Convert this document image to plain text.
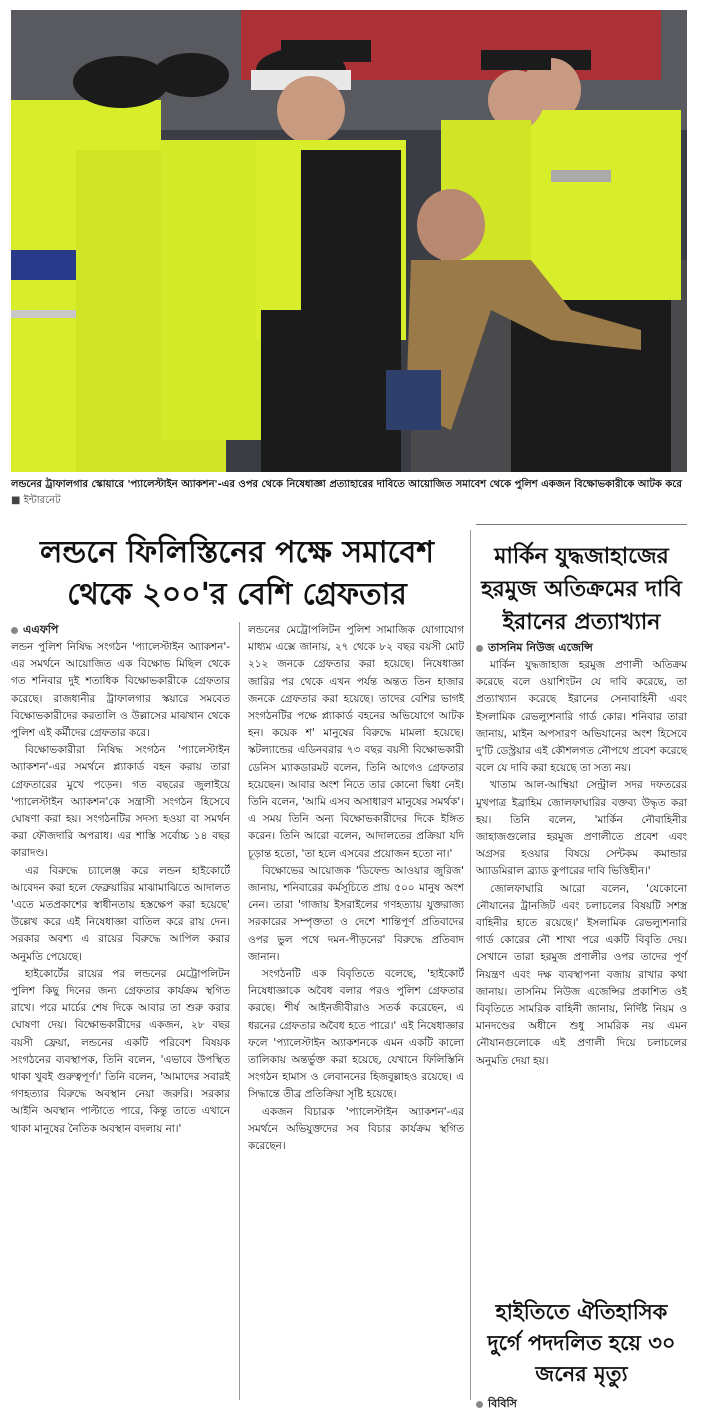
লন্ডনের ট্রাফালগার স্কোয়ারে 'প্যালেস্টাইন অ্যাকশন'-এর ওপর থেকে নিষেধাজ্ঞা প্রত্যাহারের দাবিতে আয়োজিত সমাবেশ থেকে পুলিশ একজন বিক্ষোভকারীকে আটক করে ■ ইন্টারনেট
লন্ডনে ফিলিস্তিনের পক্ষে সমাবেশ থেকে ২০০'র বেশি গ্রেফতার
এএফপি

লন্ডন পুলিশ নিষিদ্ধ সংগঠন 'প্যালেস্টাইন অ্যাকশন'-এর সমর্থনে আয়োজিত এক বিক্ষোভ মিছিল থেকে গত শনিবার দুই শতাধিক বিক্ষোভকারীকে গ্রেফতার করেছে। রাজধানীর ট্রাফালগার স্কয়ারে সমবেত বিক্ষোভকারীদের করতালি ও উল্লাসের মাঝখান থেকে পুলিশ এই কর্মীদের গ্রেফতার করে।

বিক্ষোভকারীরা নিষিদ্ধ সংগঠন 'প্যালেস্টাইন অ্যাকশন'-এর সমর্থনে প্ল্যাকার্ড বহন করায় তারা গ্রেফতারের মুখে পড়েন। গত বছরের জুলাইয়ে 'প্যালেস্টাইন অ্যাকশন'কে সন্ত্রাসী সংগঠন হিসেবে ঘোষণা করা হয়। সংগঠনটির সদস্য হওয়া বা সমর্থন করা ফৌজদারি অপরাধ। এর শাস্তি সর্বোচ্চ ১৪ বছর কারাদণ্ড।

এর বিরুদ্ধে চ্যালেঞ্জ করে লন্ডন হাইকোর্টে আবেদন করা হলে ফেব্রুয়ারির মাঝামাঝিতে আদালত 'এতে মতপ্রকাশের স্বাধীনতায় হস্তক্ষেপ করা হয়েছে' উল্লেখ করে এই নিষেধাজ্ঞা বাতিল করে রায় দেন। সরকার অবশ্য এ রায়ের বিরুদ্ধে আপিল করার অনুমতি পেয়েছে।

হাইকোর্টের রায়ের পর লন্ডনের মেট্রোপলিটন পুলিশ কিছু দিনের জন্য গ্রেফতার কার্যক্রম স্থগিত রাখে। পরে মার্চের শেষ দিকে আবার তা শুরু করার ঘোষণা দেয়। বিক্ষোভকারীদের একজন, ২৮ বছর বয়সী ফ্রেয়া, লন্ডনের একটি পরিবেশ বিষয়ক সংগঠনের ব্যবস্থাপক, তিনি বলেন, 'এভাবে উপস্থিত থাকা খুবই গুরুত্বপূর্ণ।' তিনি বলেন, 'আমাদের সবারই গণহত্যার বিরুদ্ধে অবস্থান নেয়া জরুরি। সরকার আইনি অবস্থান পাল্টাতে পারে, কিন্তু তাতে এখানে থাকা মানুষের নৈতিক অবস্থান বদলায় না।'

লন্ডনের মেট্রোপলিটন পুলিশ সামাজিক যোগাযোগ মাধ্যম এক্সে জানায়, ২৭ থেকে ৮২ বছর বয়সী মোট ২১২ জনকে গ্রেফতার করা হয়েছে। নিষেধাজ্ঞা জারির পর থেকে এখন পর্যন্ত অন্তত তিন হাজার জনকে গ্রেফতার করা হয়েছে। তাদের বেশির ভাগই সংগঠনটির পক্ষে প্ল্যাকার্ড বহনের অভিযোগে আটক হন। কয়েক শ' মানুষের বিরুদ্ধে মামলা হয়েছে। স্কটল্যান্ডের এডিনবরার ৭৩ বছর বয়সী বিক্ষোভকারী ডেনিস ম্যাকডারমট বলেন, তিনি আগেও গ্রেফতার হয়েছেন। আবার অংশ নিতে তার কোনো দ্বিধা নেই। তিনি বলেন, 'আমি এসব অসাধারণ মানুষের সমর্থক'। এ সময় তিনি অন্য বিক্ষোভকারীদের দিকে ইঙ্গিত করেন। তিনি আরো বলেন, আদালতের প্রক্রিয়া যদি চূড়ান্ত হতো, 'তা হলে এসবের প্রয়োজন হতো না।'

বিক্ষোভের আয়োজক 'ডিফেন্ড আওয়ার জুরিজ' জানায়, শনিবারের কর্মসূচিতে প্রায় ৫০০ মানুষ অংশ নেন। তারা 'গাজায় ইসরাইলের গণহত্যায় যুক্তরাজ্য সরকারের সম্পৃক্ততা ও দেশে শান্তিপূর্ণ প্রতিবাদের ওপর ভুল পথে দমন-পীড়নের' বিরুদ্ধে প্রতিবাদ জানান।

সংগঠনটি এক বিবৃতিতে বলেছে, 'হাইকোর্ট নিষেধাজ্ঞাকে অবৈধ বলার পরও পুলিশ গ্রেফতার করছে। শীর্ষ আইনজীবীরাও সতর্ক করেছেন, এ ধরনের গ্রেফতার অবৈধ হতে পারে।' এই নিষেধাজ্ঞার ফলে 'প্যালেস্টাইন অ্যাকশনকে এমন একটি কালো তালিকায় অন্তর্ভুক্ত করা হয়েছে, যেখানে ফিলিস্তিনি সংগঠন হামাস ও লেবাননের হিজবুল্লাহও রয়েছে। এ সিদ্ধান্তে তীব্র প্রতিক্রিয়া সৃষ্টি হয়েছে।

একজন বিচারক 'প্যালেস্টাইন অ্যাকশন'-এর সমর্থনে অভিযুক্তদের সব বিচার কার্যক্রম স্থগিত করেছেন।

মার্কিন যুদ্ধজাহাজের হরমুজ অতিক্রমের দাবি ইরানের প্রত্যাখ্যান
তাসনিম নিউজ এজেন্সি

মার্কিন যুদ্ধজাহাজ হরমুজ প্রণালী অতিক্রম করেছে বলে ওয়াশিংটন যে দাবি করেছে, তা প্রত্যাখ্যান করেছে ইরানের সেনাবাহিনী এবং ইসলামিক রেভল্যুশনারি গার্ড কোর। শনিবার তারা জানায়, মাইন অপসারণ অভিযানের অংশ হিসেবে দু'টি ডেস্ট্রয়ার এই কৌশলগত নৌপথে প্রবেশ করেছে বলে যে দাবি করা হয়েছে তা সত্য নয়।

খাতাম আল-আম্বিয়া সেন্ট্রাল সদর দফতরের মুখপাত্র ইব্রাহিম জোলফাঘারির বক্তব্য উদ্ধৃত করা হয়। তিনি বলেন, 'মার্কিন নৌবাহিনীর জাহাজগুলোর হরমুজ প্রণালীতে প্রবেশ এবং অগ্রসর হওয়ার বিষয়ে সেন্টকম কমান্ডার অ্যাডমিরাল ব্র্যাড কুপারের দাবি ভিত্তিহীন।'

জোলফাঘারি আরো বলেন, 'যেকোনো নৌযানের ট্রানজিট এবং চলাচলের বিষয়টি সশস্ত্র বাহিনীর হাতে রয়েছে।' ইসলামিক রেভল্যুশনারি গার্ড কোরের নৌ শাখা পরে একটি বিবৃতি দেয়। সেখানে তারা হরমুজ প্রণালীর ওপর তাদের পূর্ণ নিয়ন্ত্রণ এবং দক্ষ ব্যবস্থাপনা বজায় রাখার কথা জানায়। তাসনিম নিউজ এজেন্সির প্রকাশিত ওই বিবৃতিতে সামরিক বাহিনী জানায়, নির্দিষ্ট নিয়ম ও মানদণ্ডের অধীনে শুধু সামরিক নয় এমন নৌযানগুলোকে এই প্রণালী দিয়ে চলাচলের অনুমতি দেয়া হয়।

হাইতিতে ঐতিহাসিক দুর্গে পদদলিত হয়ে ৩০ জনের মৃত্যু
বিবিসি
